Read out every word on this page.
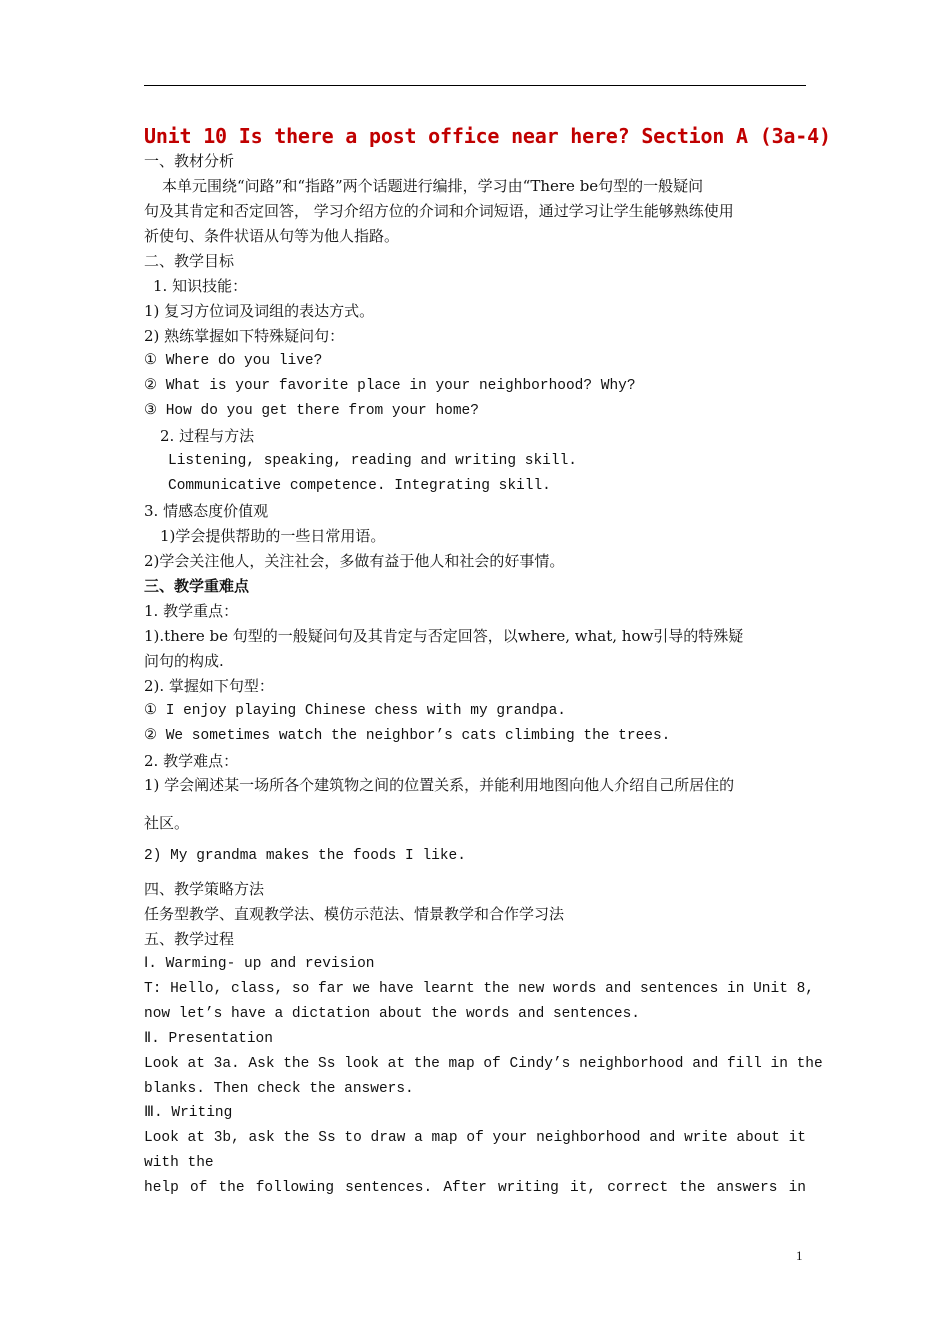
Unit 10 Is there a post office near here? Section A (3a-4)
一、教材分析
本单元围绕“问路”和“指路”两个话题进行编排，学习由“There be句型的一般疑问
句及其肯定和否定回答， 学习介绍方位的介词和介词短语，通过学习让学生能够熟练使用
祈使句、条件状语从句等为他人指路。
二、教学目标
1. 知识技能：
1) 复习方位词及词组的表达方式。
2) 熟练掌握如下特殊疑问句：
① Where do you live?
② What is your favorite place in your neighborhood? Why?
③ How do you get there from your home?
2. 过程与方法
Listening, speaking, reading and writing skill.
Communicative competence. Integrating skill.
3. 情感态度价值观
1)学会提供帮助的一些日常用语。
2)学会关注他人，关注社会，多做有益于他人和社会的好事情。
三、教学重难点
1. 教学重点：
1).there be 句型的一般疑问句及其肯定与否定回答，以where, what, how引导的特殊疑
问句的构成.
2). 掌握如下句型：
① I enjoy playing Chinese chess with my grandpa.
② We sometimes watch the neighbor’s cats climbing the trees.
2. 教学难点：
1) 学会阐述某一场所各个建筑物之间的位置关系，并能利用地图向他人介绍自己所居住的
社区。
2) My grandma makes the foods I like.
四、教学策略方法
任务型教学、直观教学法、模仿示范法、情景教学和合作学习法
五、教学过程
Ⅰ. Warming- up and revision
T: Hello, class, so far we have learnt the new words and sentences in Unit 8,
now let’s have a dictation about the words and sentences.
Ⅱ. Presentation
Look at 3a. Ask the Ss look at the map of Cindy’s neighborhood and fill in the
blanks. Then check the answers.
Ⅲ. Writing
Look at 3b, ask the Ss to draw a map of your neighborhood and write about it
with the
help of the following sentences. After writing it, correct the answers in
1
